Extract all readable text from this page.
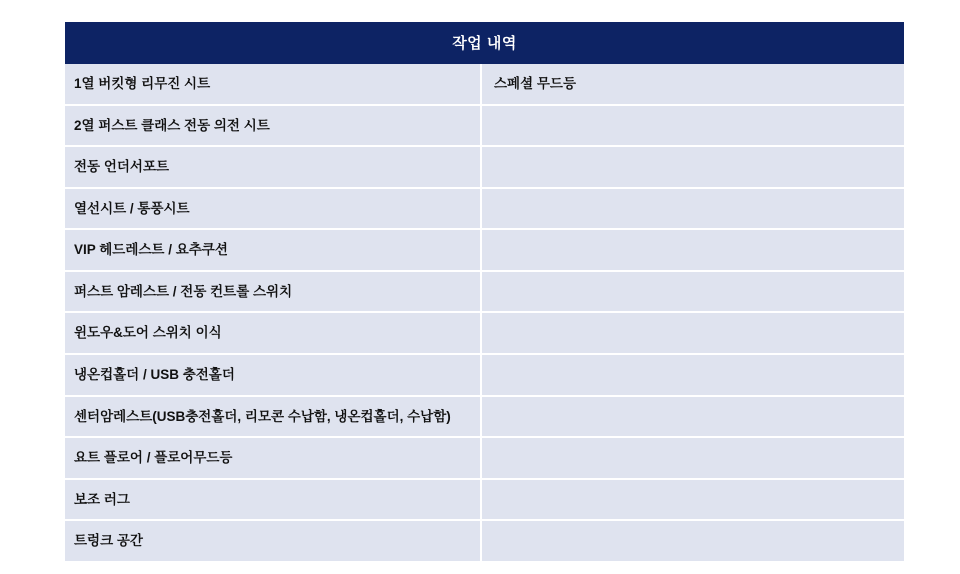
작업 내역	
1열 버킷형 리무진 시트	스페셜 무드등
2열 퍼스트 클래스 전동 의전 시트	
전동 언더서포트	
열선시트 / 통풍시트	
VIP 헤드레스트 / 요추쿠션	
퍼스트 암레스트 / 전동 컨트롤 스위치	
윈도우&도어 스위치 이식	
냉온컵홀더 / USB 충전홀더	
센터암레스트(USB충전홀더, 리모콘 수납함, 냉온컵홀더, 수납함)	
요트 플로어 / 플로어무드등	
보조 러그	
트렁크 공간	
